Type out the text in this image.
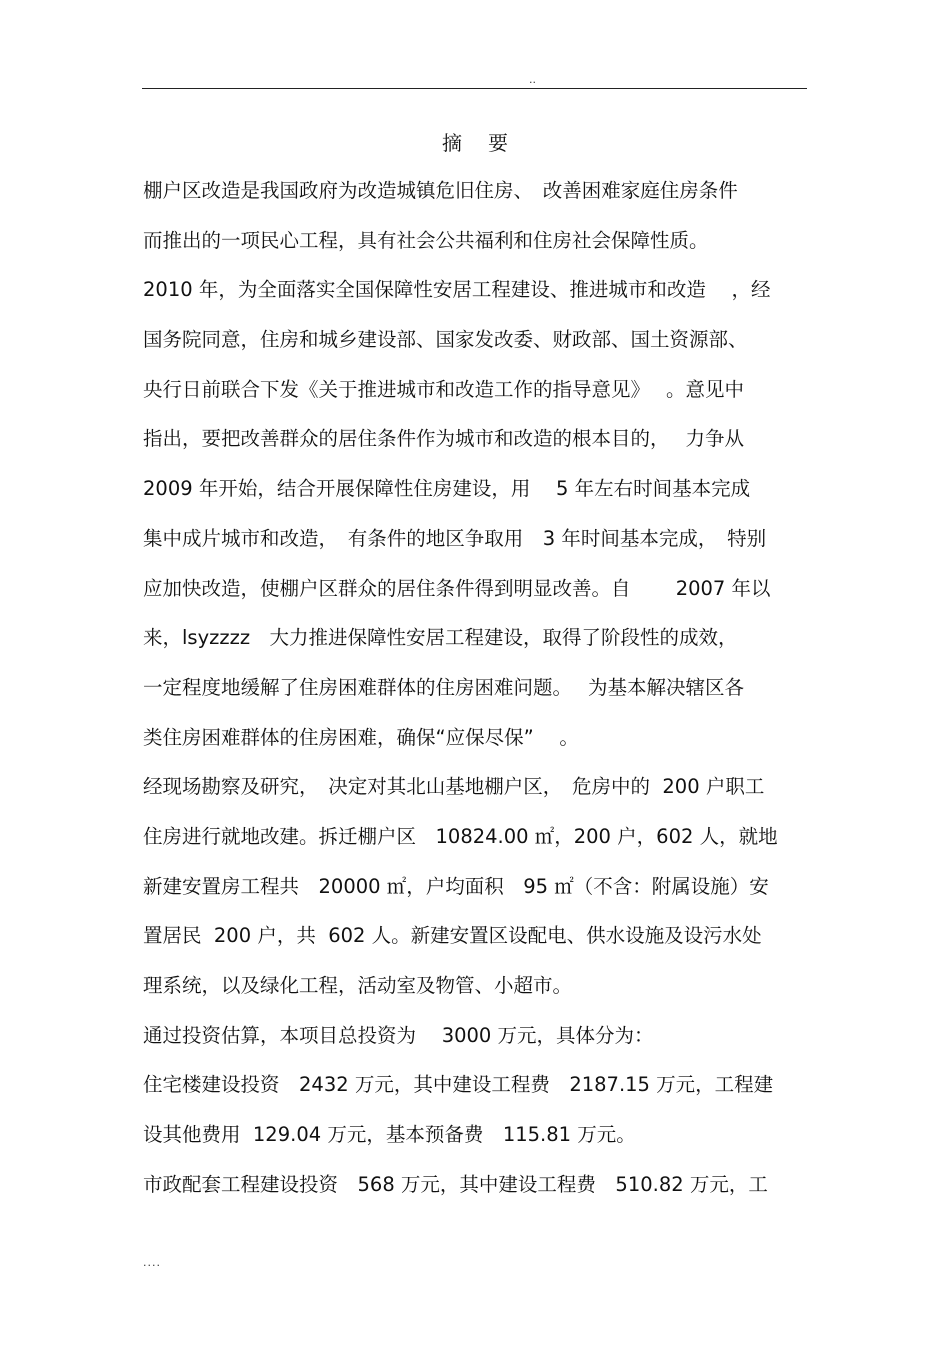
..
摘要
棚户区改造是我国政府为改造城镇危旧住房、　改善困难家庭住房条件
而推出的一项民心工程，具有社会公共福利和住房社会保障性质。
2010 年，为全面落实全国保障性安居工程建设、推进城市和改造　 ，经
国务院同意，住房和城乡建设部、国家发改委、财政部、国土资源部、
央行日前联合下发《关于推进城市和改造工作的指导意见》　 。意见中
指出，要把改善群众的居住条件作为城市和改造的根本目的，　 力争从
2009 年开始，结合开展保障性住房建设，用　 5 年左右时间基本完成
集中成片城市和改造，　有条件的地区争取用　3 年时间基本完成，　特别
应加快改造，使棚户区群众的居住条件得到明显改善。自　 　2007 年以
来，lsyzzzz　大力推进保障性安居工程建设，取得了阶段性的成效，
一定程度地缓解了住房困难群体的住房困难问题。　 为基本解决辖区各
类住房困难群体的住房困难，确保“应保尽保”　 。
经现场勘察及研究，　决定对其北山基地棚户区，　危房中的  200 户职工
住房进行就地改建。拆迁棚户区　10824.00 ㎡，200 户，602 人，就地
新建安置房工程共　20000 ㎡，户均面积　95 ㎡（不含：附属设施）安
置居民  200 户，共  602 人。新建安置区设配电、供水设施及设污水处
理系统，以及绿化工程，活动室及物管、小超市。
通过投资估算，本项目总投资为　 3000 万元，具体分为：
住宅楼建设投资　2432 万元，其中建设工程费　2187.15 万元，工程建
设其他费用  129.04 万元，基本预备费　115.81 万元。
市政配套工程建设投资　568 万元，其中建设工程费　510.82 万元，工
....
